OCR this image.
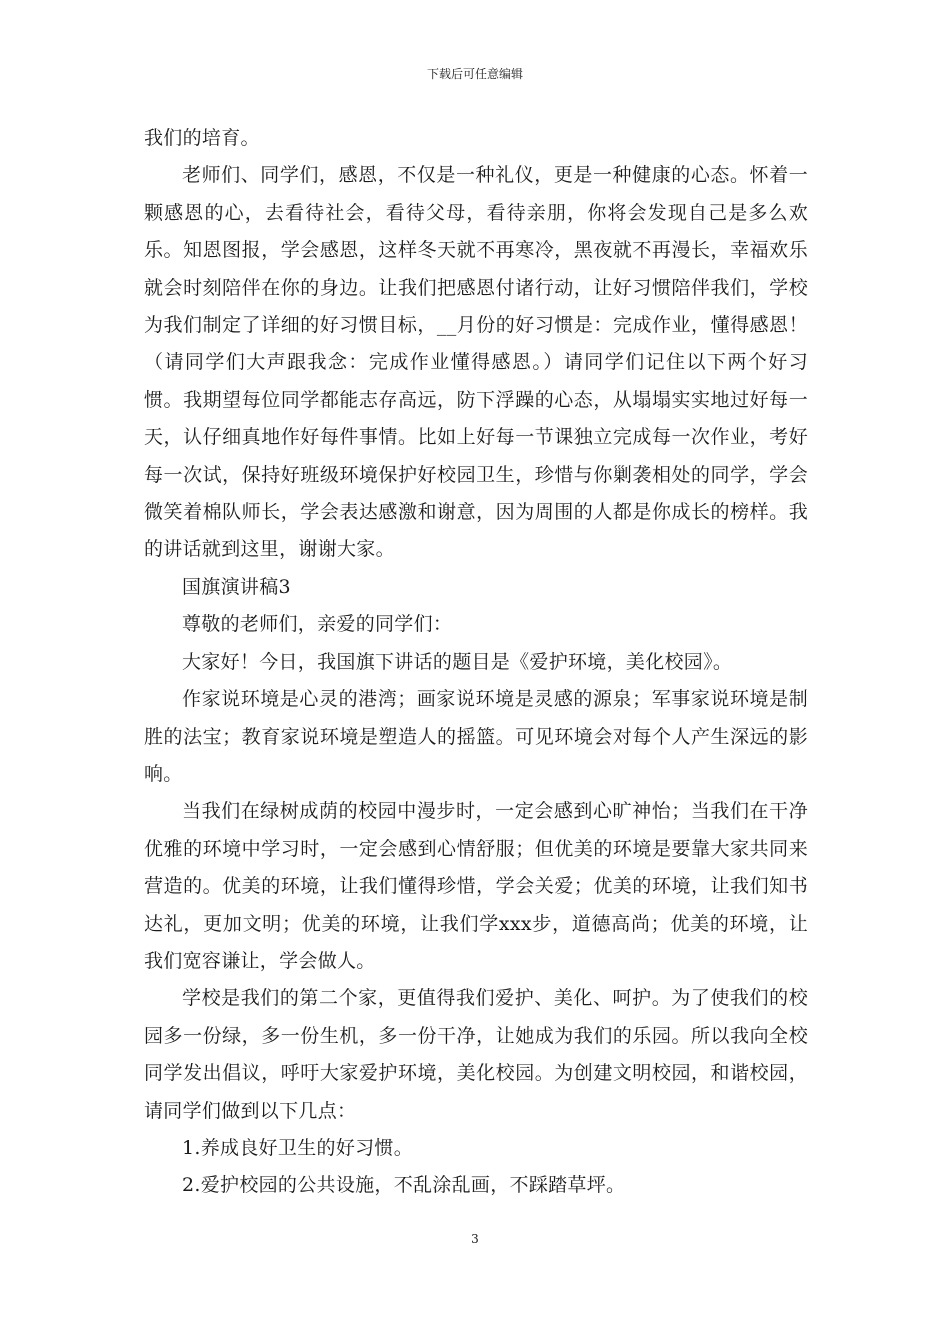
下载后可任意编辑

我们的培育。

老师们、同学们，感恩，不仅是一种礼仪，更是一种健康的心态。怀着一颗感恩的心，去看待社会，看待父母，看待亲朋，你将会发现自己是多么欢乐。知恩图报，学会感恩，这样冬天就不再寒冷，黑夜就不再漫长，幸福欢乐就会时刻陪伴在你的身边。让我们把感恩付诸行动，让好习惯陪伴我们，学校为我们制定了详细的好习惯目标，__月份的好习惯是：完成作业，懂得感恩！（请同学们大声跟我念：完成作业懂得感恩。）请同学们记住以下两个好习惯。我期望每位同学都能志存高远，防下浮躁的心态，从塌塌实实地过好每一天，认仔细真地作好每件事情。比如上好每一节课独立完成每一次作业，考好每一次试，保持好班级环境保护好校园卫生，珍惜与你剿袭相处的同学，学会微笑着棉队师长，学会表达感激和谢意，因为周围的人都是你成长的榜样。我的讲话就到这里，谢谢大家。

国旗演讲稿3

尊敬的老师们，亲爱的同学们：

大家好！今日，我国旗下讲话的题目是《爱护环境，美化校园》。

作家说环境是心灵的港湾；画家说环境是灵感的源泉；军事家说环境是制胜的法宝；教育家说环境是塑造人的摇篮。可见环境会对每个人产生深远的影响。

当我们在绿树成荫的校园中漫步时，一定会感到心旷神怡；当我们在干净优雅的环境中学习时，一定会感到心情舒服；但优美的环境是要靠大家共同来营造的。优美的环境，让我们懂得珍惜，学会关爱；优美的环境，让我们知书达礼，更加文明；优美的环境，让我们学xxx步，道德高尚；优美的环境，让我们宽容谦让，学会做人。

学校是我们的第二个家，更值得我们爱护、美化、呵护。为了使我们的校园多一份绿，多一份生机，多一份干净，让她成为我们的乐园。所以我向全校同学发出倡议，呼吁大家爱护环境，美化校园。为创建文明校园，和谐校园，请同学们做到以下几点：

1.养成良好卫生的好习惯。

2.爱护校园的公共设施，不乱涂乱画，不踩踏草坪。

3
